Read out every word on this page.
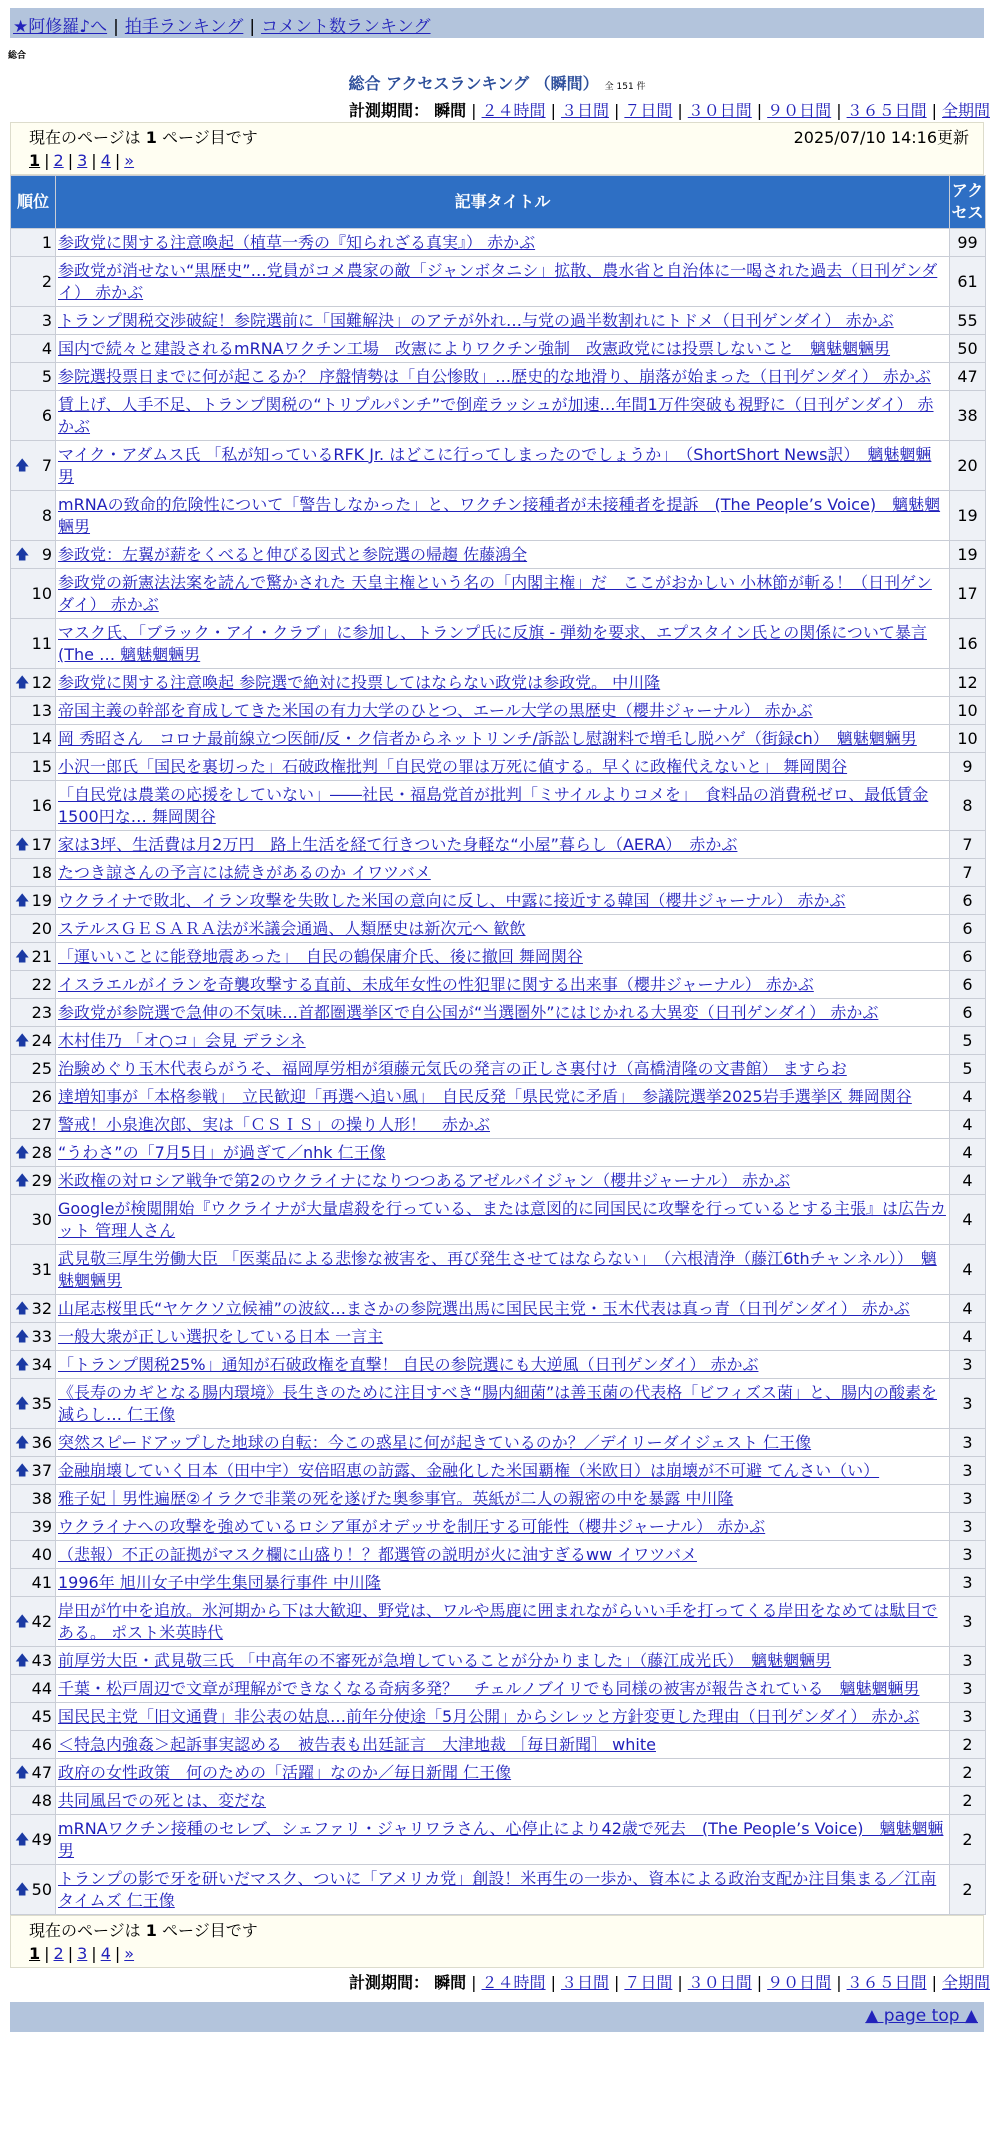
★阿修羅♪へ | 拍手ランキング | コメント数ランキング
総合
総合 アクセスランキング （瞬間） 全 151 件
計測期間： 瞬間 | ２４時間 | ３日間 | ７日間 | ３０日間 | ９０日間 | ３６５日間 | 全期間
現在のページは 1 ページ目です	2025/07/10 14:16更新
1 | 2 | 3 | 4 | »
順位	記事タイトル	アクセス
1	参政党に関する注意喚起（植草一秀の『知られざる真実』） 赤かぶ	99
2	参政党が消せない“黒歴史”…党員がコメ農家の敵「ジャンボタニシ」拡散、農水省と自治体に一喝された過去（日刊ゲンダイ） 赤かぶ	61
3	トランプ関税交渉破綻！参院選前に「国難解決」のアテが外れ…与党の過半数割れにトドメ（日刊ゲンダイ） 赤かぶ	55
4	国内で続々と建設されるmRNAワクチン工場　改憲によりワクチン強制　改憲政党には投票しないこと　魑魅魍魎男	50
5	参院選投票日までに何が起こるか？ 序盤情勢は「自公惨敗」…歴史的な地滑り、崩落が始まった（日刊ゲンダイ） 赤かぶ	47
6	賃上げ、人手不足、トランプ関税の“トリプルパンチ”で倒産ラッシュが加速…年間1万件突破も視野に（日刊ゲンダイ） 赤かぶ	38

🡅 7	マイク・アダムス氏 「私が知っているRFK Jr. はどこに行ってしまったのでしょうか」　（ShortShort News訳）　魑魅魍魎男	20
8	mRNAの致命的危険性について「警告しなかった」と、ワクチン接種者が未接種者を提訴　(The People’s Voice)　魑魅魍魎男	19

🡅 9	参政党：左翼が薪をくべると伸びる図式と参院選の帰趨 佐藤鴻全	19
10	参政党の新憲法法案を読んで驚かされた 天皇主権という名の「内閣主権」だ　ここがおかしい 小林節が斬る！（日刊ゲンダイ） 赤かぶ	17
11	マスク氏、「ブラック・アイ・クラブ」に参加し、トランプ氏に反旗 - 弾劾を要求、エプスタイン氏との関係について暴言(The … 魑魅魍魎男	16

🡅 12	参政党に関する注意喚起 参院選で絶対に投票してはならない政党は参政党。 中川隆	12
13	帝国主義の幹部を育成してきた米国の有力大学のひとつ、エール大学の黒歴史（櫻井ジャーナル） 赤かぶ	10
14	岡 秀昭さん　コロナ最前線立つ医師/反・ク信者からネットリンチ/訴訟し慰謝料で増毛し脱ハゲ（街録ch）　魑魅魍魎男	10
15	小沢一郎氏「国民を裏切った」石破政権批判「自民党の罪は万死に値する。早くに政権代えないと」 舞岡関谷	9
16	「自民党は農業の応援をしていない」――社民・福島党首が批判「ミサイルよりコメを」　食料品の消費税ゼロ、最低賃金1500円な… 舞岡関谷	8

🡅 17	家は3坪、生活費は月2万円　路上生活を経て行きついた身軽な“小屋”暮らし（AERA）　赤かぶ	7
18	たつき諒さんの予言には続きがあるのか イワツバメ	7

🡅 19	ウクライナで敗北、イラン攻撃を失敗した米国の意向に反し、中露に接近する韓国（櫻井ジャーナル） 赤かぶ	6
20	ステルスＧＥＳＡＲＡ法が米議会通過、人類歴史は新次元へ 歓飲	6

🡅 21	「運いいことに能登地震あった」　自民の鶴保庸介氏、後に撤回 舞岡関谷	6
22	イスラエルがイランを奇襲攻撃する直前、未成年女性の性犯罪に関する出来事（櫻井ジャーナル） 赤かぶ	6
23	参政党が参院選で急伸の不気味…首都圏選挙区で自公国が“当選圏外”にはじかれる大異変（日刊ゲンダイ） 赤かぶ	6

🡅 24	木村佳乃 「オ○コ」会見 デラシネ	5
25	治験めぐり玉木代表らがうそ、福岡厚労相が須藤元気氏の発言の正しさ裏付け（高橋清隆の文書館） ますらお	5
26	達増知事が「本格参戦」　立民歓迎「再選へ追い風」　自民反発「県民党に矛盾」　参議院選挙2025岩手選挙区 舞岡関谷	4
27	警戒！小泉進次郎、実は「ＣＳＩＳ」の操り人形！　赤かぶ	4

🡅 28	“うわさ”の「7月5日」が過ぎて／nhk 仁王像	4

🡅 29	米政権の対ロシア戦争で第2のウクライナになりつつあるアゼルバイジャン（櫻井ジャーナル） 赤かぶ	4
30	Googleが検閲開始『ウクライナが大量虐殺を行っている、または意図的に同国民に攻撃を行っているとする主張』は広告カット 管理人さん	4
31	武見敬三厚生労働大臣 「医薬品による悲惨な被害を、再び発生させてはならない」　（六根清浄（藤江6thチャンネル））　魑魅魍魎男	4

🡅 32	山尾志桜里氏“ヤケクソ立候補”の波紋…まさかの参院選出馬に国民民主党・玉木代表は真っ青（日刊ゲンダイ） 赤かぶ	4

🡅 33	一般大衆が正しい選択をしている日本 一言主	4

🡅 34	「トランプ関税25%」通知が石破政権を直撃！ 自民の参院選にも大逆風（日刊ゲンダイ） 赤かぶ	3

🡅 35	《長寿のカギとなる腸内環境》長生きのために注目すべき“腸内細菌”は善玉菌の代表格「ビフィズス菌」と、腸内の酸素を減らし… 仁王像	3

🡅 36	突然スピードアップした地球の自転：今この惑星に何が起きているのか？／デイリーダイジェスト 仁王像	3

🡅 37	金融崩壊していく日本（田中宇）安倍昭恵の訪露、金融化した米国覇権（米欧日）は崩壊が不可避 てんさい（い）	3
38	雅子妃｜男性遍歴②イラクで非業の死を遂げた奥参事官。英紙が二人の親密の中を暴露 中川隆	3
39	ウクライナへの攻撃を強めているロシア軍がオデッサを制圧する可能性（櫻井ジャーナル） 赤かぶ	3
40	（悲報）不正の証拠がマスク欄に山盛り！？都選管の説明が火に油すぎるww イワツバメ	3
41	1996年 旭川女子中学生集団暴行事件 中川隆	3

🡅 42	岸田が竹中を追放。氷河期から下は大歓迎、野党は、ワルや馬鹿に囲まれながらいい手を打ってくる岸田をなめては駄目である。 ポスト米英時代	3

🡅 43	前厚労大臣・武見敬三氏 「中高年の不審死が急増していることが分かりました」（藤江成光氏）　魑魅魍魎男	3
44	千葉・松戸周辺で文章が理解ができなくなる奇病多発？　チェルノブイリでも同様の被害が報告されている　魑魅魍魎男	3
45	国民民主党「旧文通費」非公表の姑息…前年分使途「5月公開」からシレッと方針変更した理由（日刊ゲンダイ） 赤かぶ	3
46	＜特急内強姦＞起訴事実認める　被告表も出廷証言　大津地裁 ［毎日新聞］ white	2

🡅 47	政府の女性政策　何のための「活躍」なのか／毎日新聞 仁王像	2
48	共同風呂での死とは、変だな	2

🡅 49	mRNAワクチン接種のセレブ、シェファリ・ジャリワラさん、心停止により42歳で死去　(The People’s Voice)　魑魅魍魎男	2

🡅 50	トランプの影で牙を研いだマスク、ついに「アメリカ党」創設！米再生の一歩か、資本による政治支配か注目集まる／江南タイムズ 仁王像	2
現在のページは 1 ページ目です
1 | 2 | 3 | 4 | »
計測期間： 瞬間 | ２４時間 | ３日間 | ７日間 | ３０日間 | ９０日間 | ３６５日間 | 全期間
▲ page top ▲
